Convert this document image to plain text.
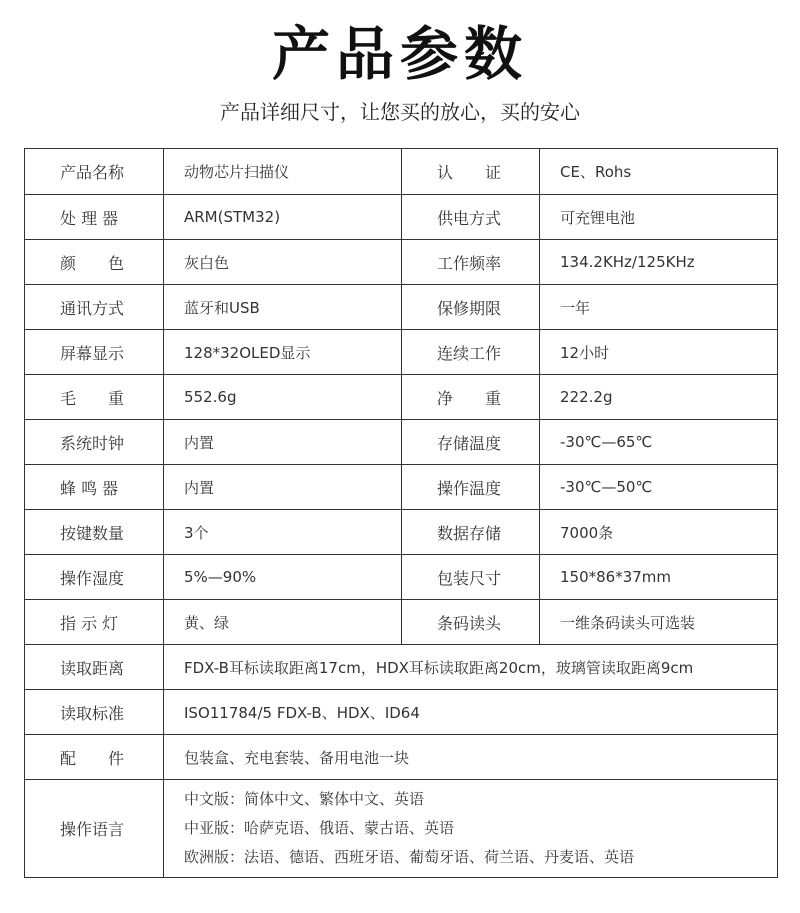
产品参数
产品详细尺寸，让您买的放心，买的安心
产品名称	动物芯片扫描仪	认　　证	CE、Rohs
处 理 器	ARM(STM32)	供电方式	可充锂电池
颜　　色	灰白色	工作频率	134.2KHz/125KHz
通讯方式	蓝牙和USB	保修期限	一年
屏幕显示	128*32OLED显示	连续工作	12小时
毛　　重	552.6g	净　　重	222.2g
系统时钟	内置	存储温度	-30℃—65℃
蜂 鸣 器	内置	操作温度	-30℃—50℃
按键数量	3个	数据存储	7000条
操作湿度	5%—90%	包装尺寸	150*86*37mm
指 示 灯	黄、绿	条码读头	一维条码读头可选装
读取距离	FDX-B耳标读取距离17cm，HDX耳标读取距离20cm，玻璃管读取距离9cm		
读取标准	ISO11784/5 FDX-B、HDX、ID64		
配　　件	包装盒、充电套装、备用电池一块		
操作语言	中文版：简体中文、繁体中文、英语
中亚版：哈萨克语、俄语、蒙古语、英语
欧洲版：法语、德语、西班牙语、葡萄牙语、荷兰语、丹麦语、英语		
